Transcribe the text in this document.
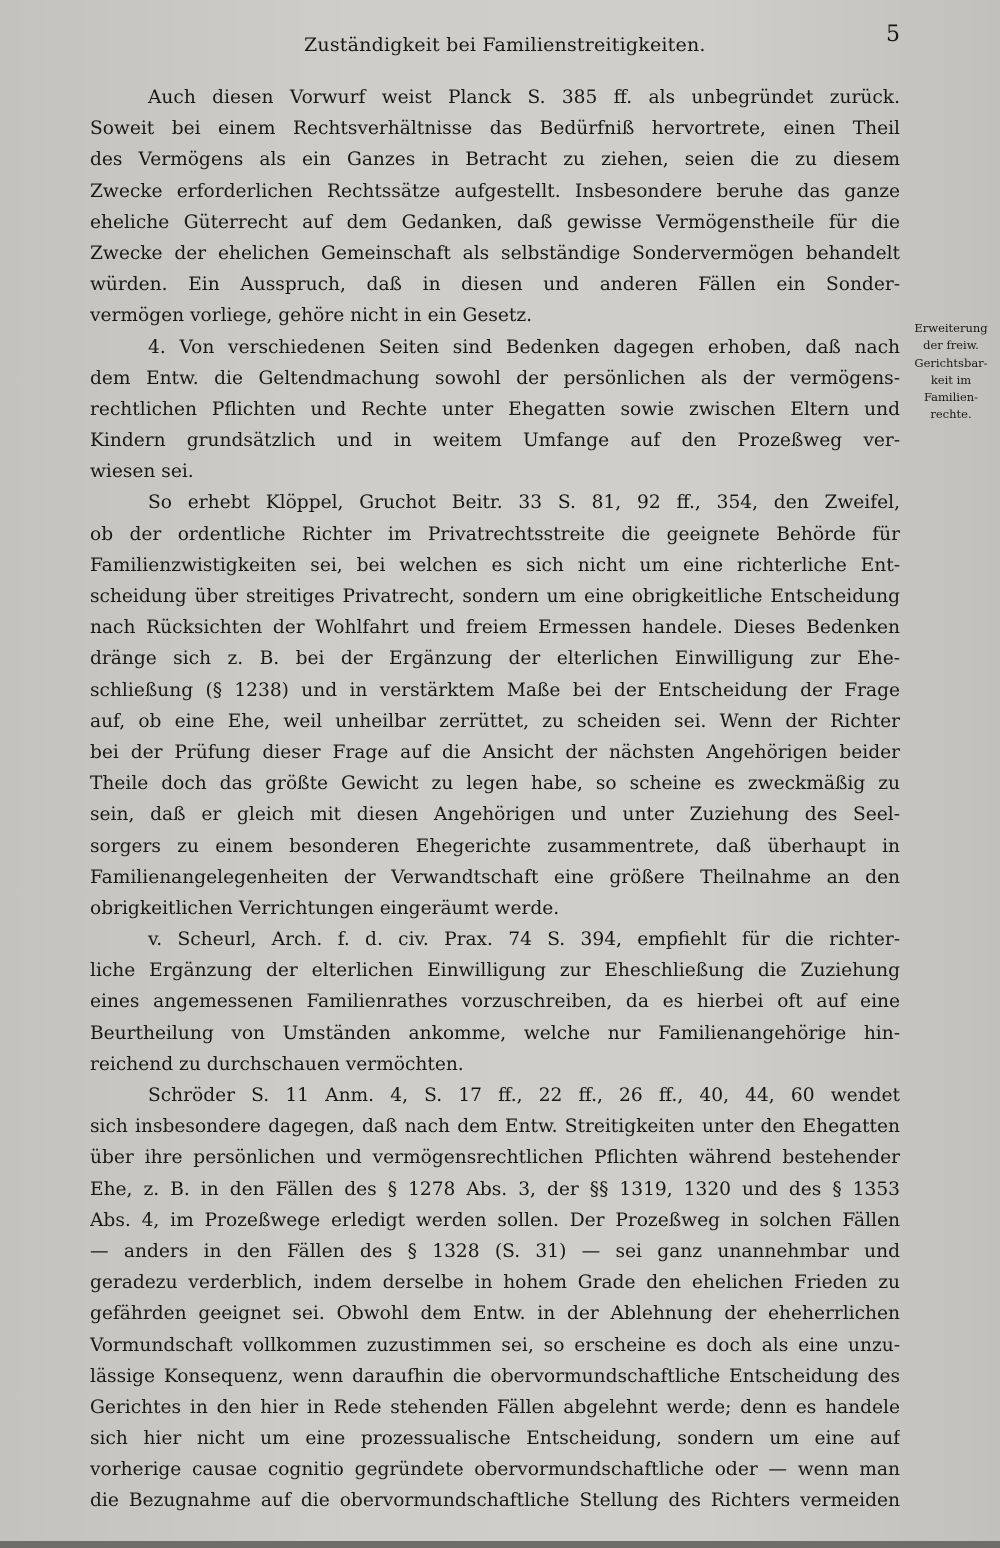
Zuständigkeit bei Familienstreitigkeiten.	5
Erweiterung
der freiw.
Gerichtsbar-
keit im
Familien-
rechte.
Auch diesen Vorwurf weist Planck S. 385 ff. als unbegründet zurück.
Soweit bei einem Rechtsverhältnisse das Bedürfniß hervortrete, einen Theil
des Vermögens als ein Ganzes in Betracht zu ziehen, seien die zu diesem
Zwecke erforderlichen Rechtssätze aufgestellt. Insbesondere beruhe das ganze
eheliche Güterrecht auf dem Gedanken, daß gewisse Vermögenstheile für die
Zwecke der ehelichen Gemeinschaft als selbständige Sondervermögen behandelt
würden. Ein Ausspruch, daß in diesen und anderen Fällen ein Sonder-
vermögen vorliege, gehöre nicht in ein Gesetz.
4. Von verschiedenen Seiten sind Bedenken dagegen erhoben, daß nach
dem Entw. die Geltendmachung sowohl der persönlichen als der vermögens-
rechtlichen Pflichten und Rechte unter Ehegatten sowie zwischen Eltern und
Kindern grundsätzlich und in weitem Umfange auf den Prozeßweg ver-
wiesen sei.
So erhebt Klöppel, Gruchot Beitr. 33 S. 81, 92 ff., 354, den Zweifel,
ob der ordentliche Richter im Privatrechtsstreite die geeignete Behörde für
Familienzwistigkeiten sei, bei welchen es sich nicht um eine richterliche Ent-
scheidung über streitiges Privatrecht, sondern um eine obrigkeitliche Entscheidung
nach Rücksichten der Wohlfahrt und freiem Ermessen handele. Dieses Bedenken
dränge sich z. B. bei der Ergänzung der elterlichen Einwilligung zur Ehe-
schließung (§ 1238) und in verstärktem Maße bei der Entscheidung der Frage
auf, ob eine Ehe, weil unheilbar zerrüttet, zu scheiden sei. Wenn der Richter
bei der Prüfung dieser Frage auf die Ansicht der nächsten Angehörigen beider
Theile doch das größte Gewicht zu legen habe, so scheine es zweckmäßig zu
sein, daß er gleich mit diesen Angehörigen und unter Zuziehung des Seel-
sorgers zu einem besonderen Ehegerichte zusammentrete, daß überhaupt in
Familienangelegenheiten der Verwandtschaft eine größere Theilnahme an den
obrigkeitlichen Verrichtungen eingeräumt werde.
v. Scheurl, Arch. f. d. civ. Prax. 74 S. 394, empfiehlt für die richter-
liche Ergänzung der elterlichen Einwilligung zur Eheschließung die Zuziehung
eines angemessenen Familienrathes vorzuschreiben, da es hierbei oft auf eine
Beurtheilung von Umständen ankomme, welche nur Familienangehörige hin-
reichend zu durchschauen vermöchten.
Schröder S. 11 Anm. 4, S. 17 ff., 22 ff., 26 ff., 40, 44, 60 wendet
sich insbesondere dagegen, daß nach dem Entw. Streitigkeiten unter den Ehegatten
über ihre persönlichen und vermögensrechtlichen Pflichten während bestehender
Ehe, z. B. in den Fällen des § 1278 Abs. 3, der §§ 1319, 1320 und des § 1353
Abs. 4, im Prozeßwege erledigt werden sollen. Der Prozeßweg in solchen Fällen
— anders in den Fällen des § 1328 (S. 31) — sei ganz unannehmbar und
geradezu verderblich, indem derselbe in hohem Grade den ehelichen Frieden zu
gefährden geeignet sei. Obwohl dem Entw. in der Ablehnung der eheherrlichen
Vormundschaft vollkommen zuzustimmen sei, so erscheine es doch als eine unzu-
lässige Konsequenz, wenn daraufhin die obervormundschaftliche Entscheidung des
Gerichtes in den hier in Rede stehenden Fällen abgelehnt werde; denn es handele
sich hier nicht um eine prozessualische Entscheidung, sondern um eine auf
vorherige causae cognitio gegründete obervormundschaftliche oder — wenn man
die Bezugnahme auf die obervormundschaftliche Stellung des Richters vermeiden
